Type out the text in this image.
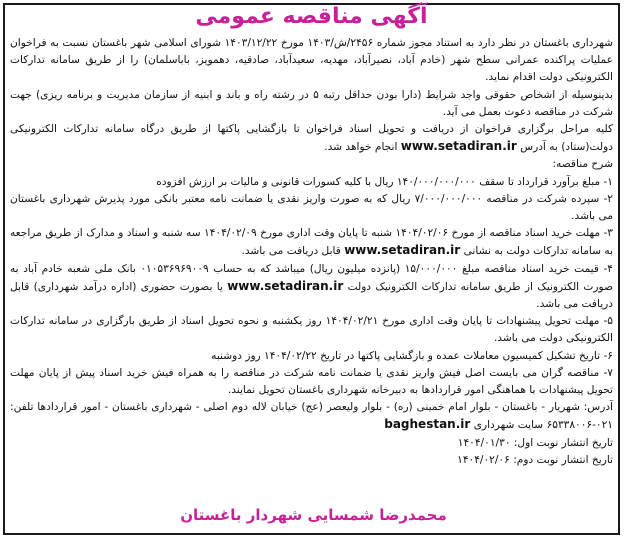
آگهی مناقصه عمومی

شهرداری باغستان در نظر دارد به استناد مجوز شماره ۲۴۵۶/ش/۱۴۰۳ مورخ ۱۴۰۳/۱۲/۲۲ شورای اسلامی شهر باغستان نسبت به فراخوان عملیات پراکنده عمرانی سطح شهر (خادم آباد، نصیرآباد، مهدیه، سعیدآباد، صادقیه، دهمویز، باباسلمان) را از طریق سامانه تدارکات الکترونیکی دولت اقدام نماید.

بدینوسیله از اشخاص حقوقی واجد شرایط (دارا بودن حداقل رتبه ۵ در رشته راه و باند و ابنیه از سازمان مدیریت و برنامه ریزی) جهت شرکت در مناقصه دعوت بعمل می آید.

کلیه مراحل برگزاری فراخوان از دریافت و تحویل اسناد فراخوان تا بازگشایی پاکتها از طریق درگاه سامانه تدارکات الکترونیکی دولت(ستاد) به آدرس www.setadiran.ir انجام خواهد شد.

شرح مناقصه:

۱- مبلغ برآورد قرارداد تا سقف ۱۴۰/۰۰۰/۰۰۰/۰۰۰ ریال با کلیه کسورات قانونی و مالیات بر ارزش افزوده

۲- سپرده شرکت در مناقصه ۷/۰۰۰/۰۰۰/۰۰۰ ریال که به صورت واریز نقدی یا ضمانت نامه معتبر بانکی مورد پذیرش شهرداری باغستان می باشد.

۳- مهلت خرید اسناد مناقصه از مورخ ۱۴۰۴/۰۲/۰۶ شنبه تا پایان وقت اداری مورخ ۱۴۰۴/۰۲/۰۹ سه شنبه و اسناد و مدارک از طریق مراجعه به سامانه تدارکات دولت به نشانی www.setadiran.ir قابل دریافت می باشد.

۴- قیمت خرید اسناد مناقصه مبلغ ۱۵/۰۰۰/۰۰۰ (پانزده میلیون ریال) میباشد که به حساب ۰۱۰۵۳۶۹۶۹۰۰۹ بانک ملی شعبه خادم آباد به صورت الکترونیک از طریق سامانه تدارکات الکترونیک دولت www.setadiran.ir یا بصورت حضوری (اداره درآمد شهرداری) قابل دریافت می باشد.

۵- مهلت تحویل پیشنهادات تا پایان وقت اداری مورخ ۱۴۰۴/۰۲/۲۱ روز یکشنبه و نحوه تحویل اسناد از طریق بارگزاری در سامانه تدارکات الکترونیکی دولت می باشد.

۶- تاریخ تشکیل کمیسیون معاملات عمده و بازگشایی پاکتها در تاریخ ۱۴۰۴/۰۲/۲۲ روز دوشنبه

۷- مناقصه گران می بایست اصل فیش واریز نقدی یا ضمانت نامه شرکت در مناقصه را به همراه فیش خرید اسناد پیش از پایان مهلت تحویل پیشنهادات با هماهنگی امور قراردادها به دبیرخانه شهرداری باغستان تحویل نمایند.

آدرس: شهریار - باغستان - بلوار امام خمینی (ره) - بلوار ولیعصر (عج) خیابان لاله دوم اصلی - شهرداری باغستان - امور قراردادها تلفن: ۰۲۱-۶۵۳۳۸۰۰۶ سایت شهرداری baghestan.ir

تاریخ انتشار نوبت اول: ۱۴۰۴/۰۱/۳۰

تاریخ انتشار نوبت دوم: ۱۴۰۴/۰۲/۰۶

محمدرضا شمسایی شهردار باغستان
